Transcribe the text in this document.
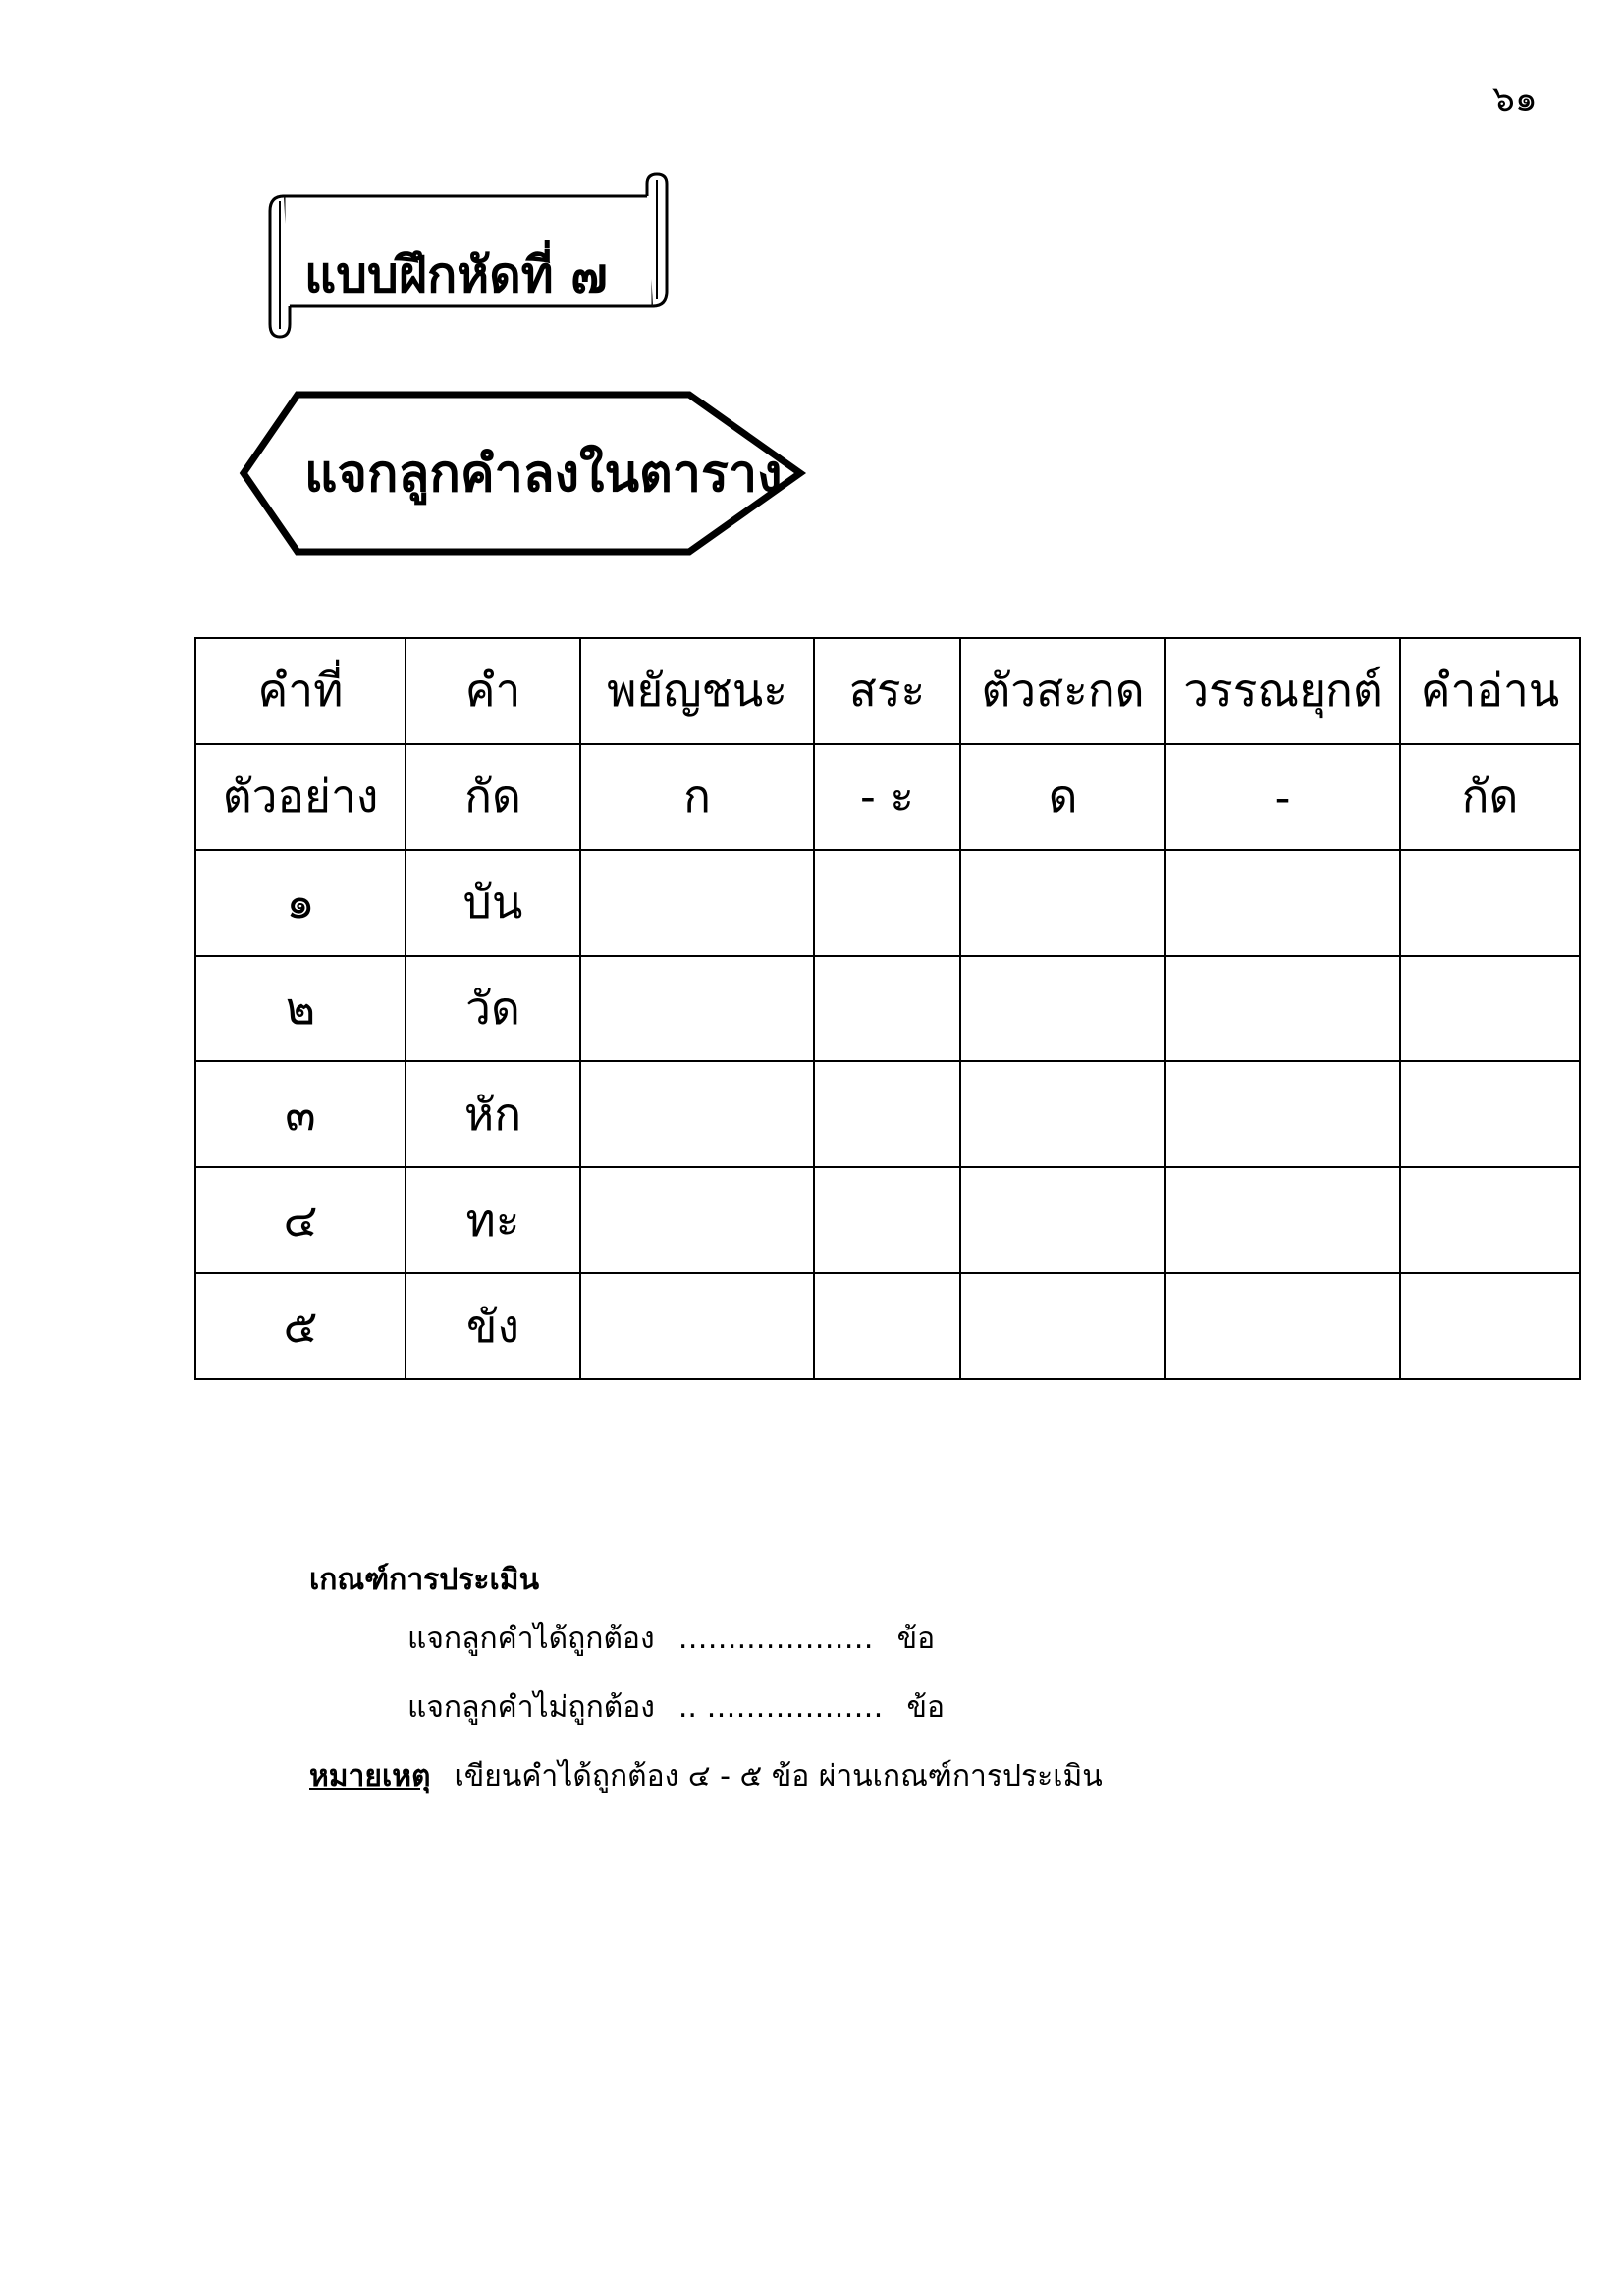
๖๑
แบบฝึกหัดที่ ๗
แจกลูกคำลงในตาราง
คำที่	คำ	พยัญชนะ	สระ	ตัวสะกด	วรรณยุกต์	คำอ่าน
ตัวอย่าง	กัด	ก	- ะ	ด	-	กัด
๑	บัน					
๒	วัด					
๓	หัก					
๔	ทะ					
๕	ขัง					
เกณฑ์การประเมิน
แจกลูกคำได้ถูกต้อง ……..………… ข้อ
แจกลูกคำไม่ถูกต้อง .. ……………… ข้อ
หมายเหตุ เขียนคำได้ถูกต้อง ๔ - ๕ ข้อ ผ่านเกณฑ์การประเมิน
